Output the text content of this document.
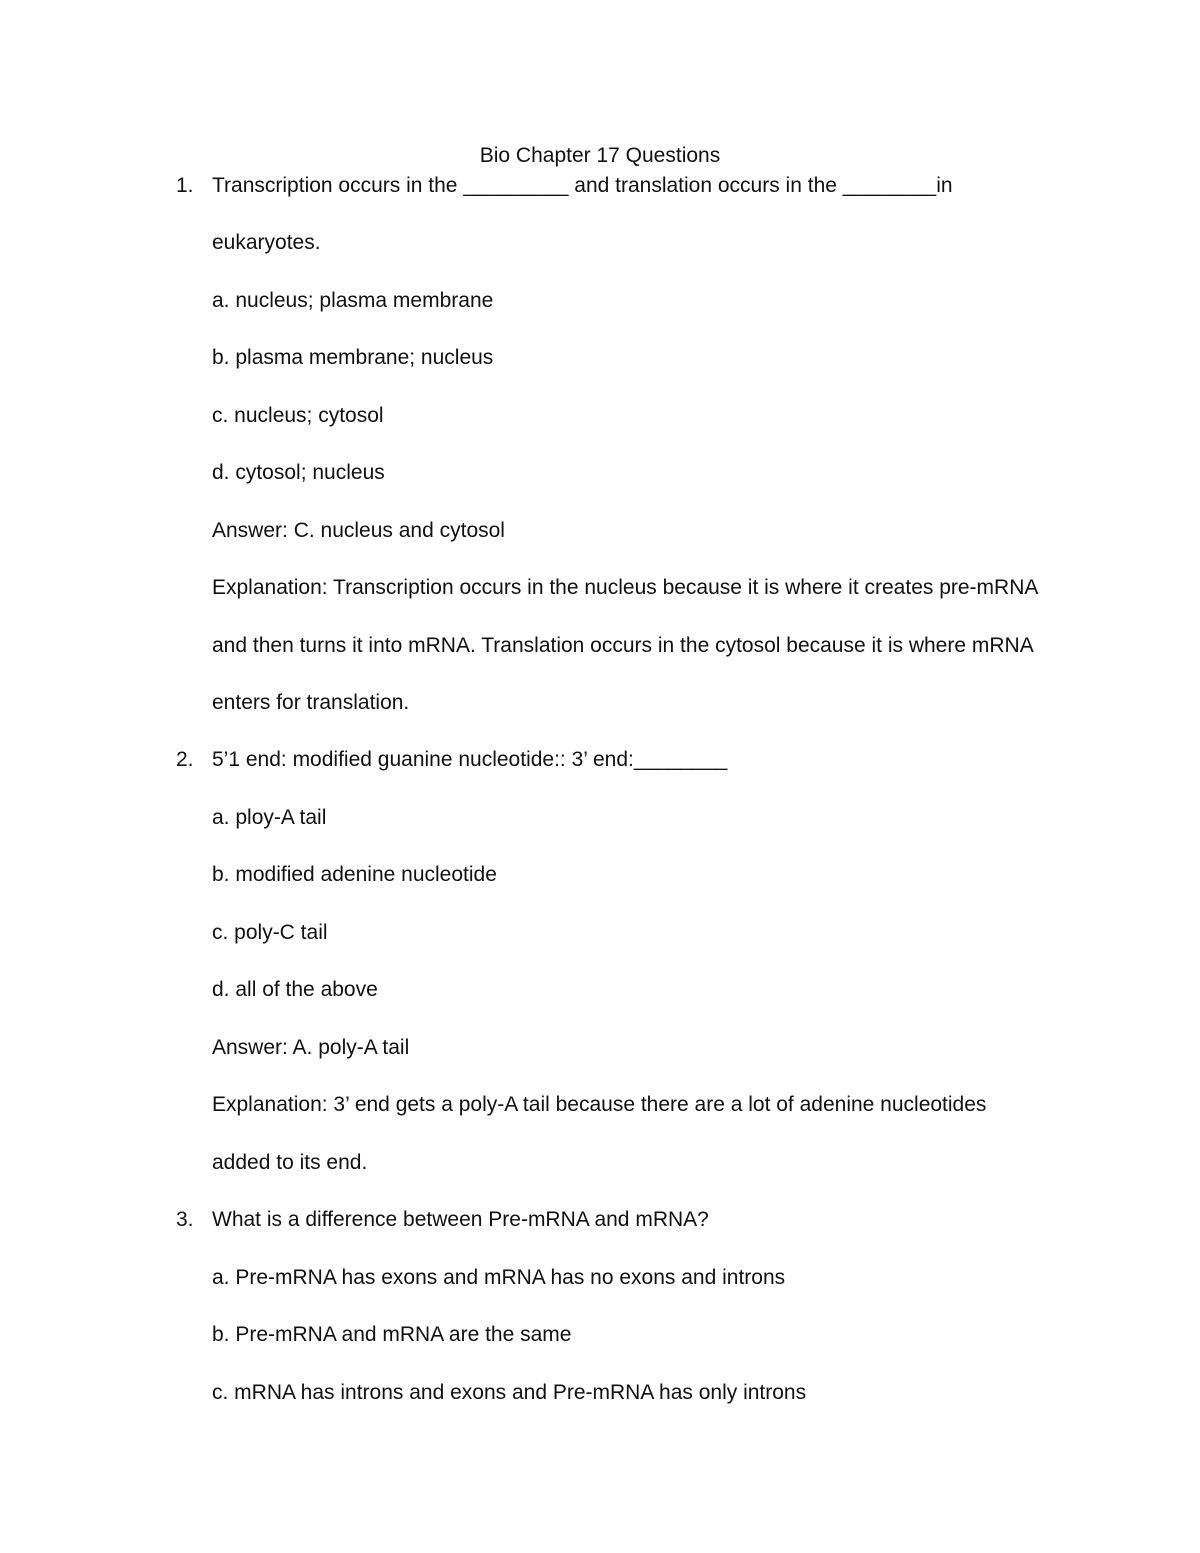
Bio Chapter 17 Questions
1. Transcription occurs in the _________ and translation occurs in the ________in
eukaryotes.
a. nucleus; plasma membrane
b. plasma membrane; nucleus
c. nucleus; cytosol
d. cytosol; nucleus
Answer: C. nucleus and cytosol
Explanation: Transcription occurs in the nucleus because it is where it creates pre-mRNA
and then turns it into mRNA. Translation occurs in the cytosol because it is where mRNA
enters for translation.
2. 5’1 end: modified guanine nucleotide:: 3’ end:________
a. ploy-A tail
b. modified adenine nucleotide
c. poly-C tail
d. all of the above
Answer: A. poly-A tail
Explanation: 3’ end gets a poly-A tail because there are a lot of adenine nucleotides
added to its end.
3. What is a difference between Pre-mRNA and mRNA?
a. Pre-mRNA has exons and mRNA has no exons and introns
b. Pre-mRNA and mRNA are the same
c. mRNA has introns and exons and Pre-mRNA has only introns
